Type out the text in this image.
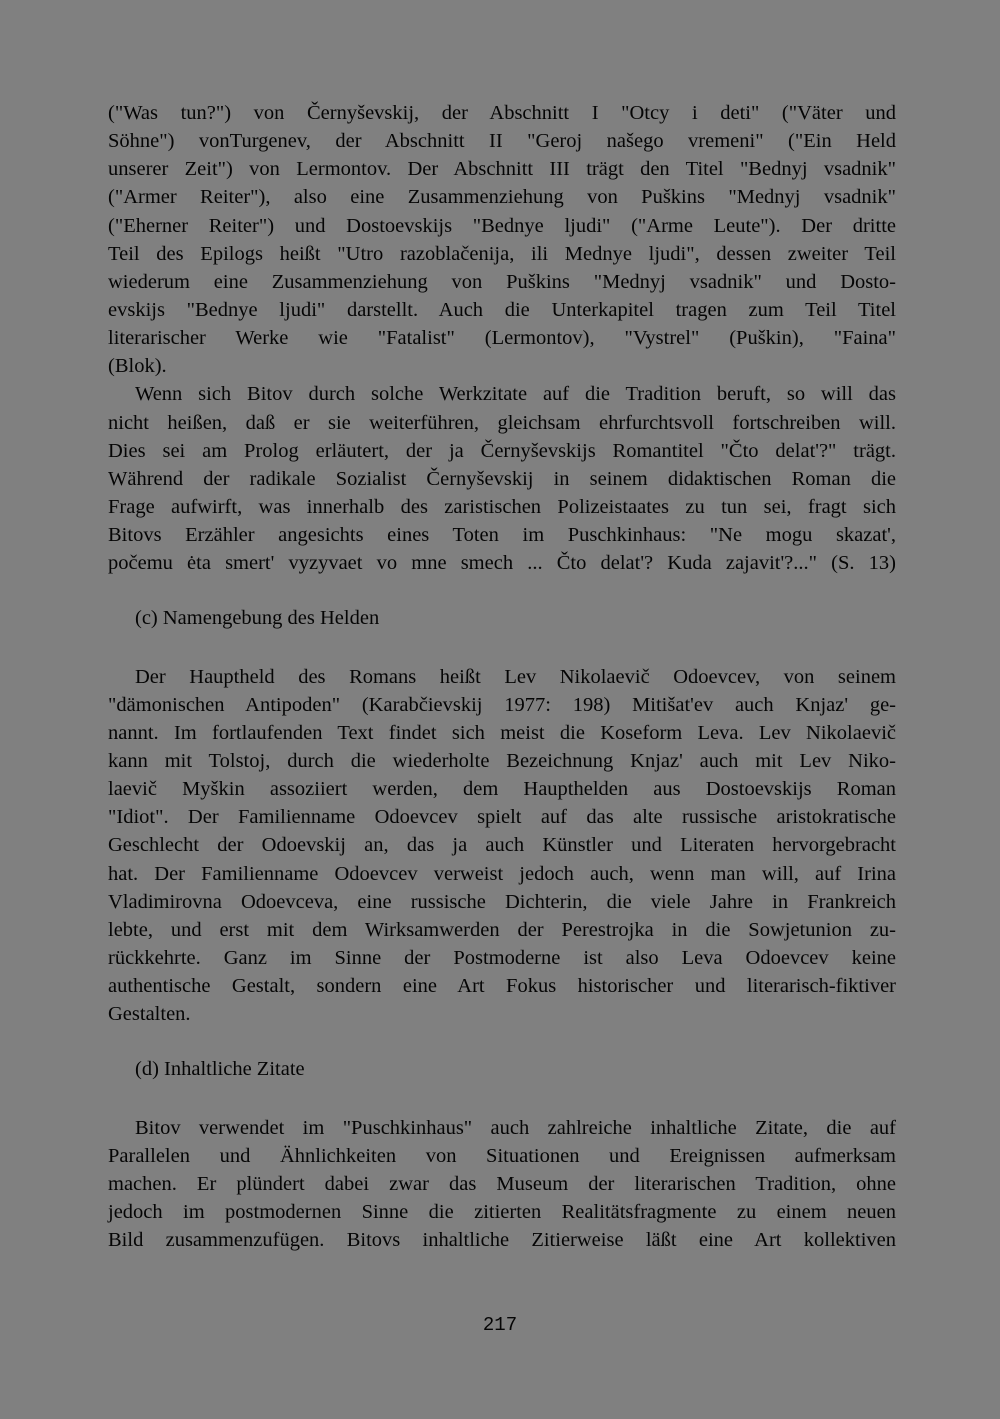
("Was tun?") von Černyševskij, der Abschnitt I "Otcy i deti" ("Väter und
Söhne") vonTurgenev, der Abschnitt II "Geroj našego vremeni" ("Ein Held
unserer Zeit") von Lermontov. Der Abschnitt III trägt den Titel "Bednyj vsadnik"
("Armer Reiter"), also eine Zusammenziehung von Puškins "Mednyj vsadnik"
("Eherner Reiter") und Dostoevskijs "Bednye ljudi" ("Arme Leute"). Der dritte
Teil des Epilogs heißt "Utro razoblačenija, ili Mednye ljudi", dessen zweiter Teil
wiederum eine Zusammenziehung von Puškins "Mednyj vsadnik" und Dosto-
evskijs "Bednye ljudi" darstellt. Auch die Unterkapitel tragen zum Teil Titel
literarischer Werke wie "Fatalist" (Lermontov), "Vystrel" (Puškin), "Faina"
(Blok).
Wenn sich Bitov durch solche Werkzitate auf die Tradition beruft, so will das
nicht heißen, daß er sie weiterführen, gleichsam ehrfurchtsvoll fortschreiben will.
Dies sei am Prolog erläutert, der ja Černyševskijs Romantitel "Čto delat'?" trägt.
Während der radikale Sozialist Černyševskij in seinem didaktischen Roman die
Frage aufwirft, was innerhalb des zaristischen Polizeistaates zu tun sei, fragt sich
Bitovs Erzähler angesichts eines Toten im Puschkinhaus: "Ne mogu skazat',
počemu ėta smert' vyzyvaet vo mne smech ... Čto delat'? Kuda zajavit'?..." (S. 13)
(c) Namengebung des Helden
Der Hauptheld des Romans heißt Lev Nikolaevič Odoevcev, von seinem
"dämonischen Antipoden" (Karabčievskij 1977: 198) Mitišat'ev auch Knjaz' ge-
nannt. Im fortlaufenden Text findet sich meist die Koseform Leva. Lev Nikolaevič
kann mit Tolstoj, durch die wiederholte Bezeichnung Knjaz' auch mit Lev Niko-
laevič Myškin assoziiert werden, dem Haupthelden aus Dostoevskijs Roman
"Idiot". Der Familienname Odoevcev spielt auf das alte russische aristokratische
Geschlecht der Odoevskij an, das ja auch Künstler und Literaten hervorgebracht
hat. Der Familienname Odoevcev verweist jedoch auch, wenn man will, auf Irina
Vladimirovna Odoevceva, eine russische Dichterin, die viele Jahre in Frankreich
lebte, und erst mit dem Wirksamwerden der Perestrojka in die Sowjetunion zu-
rückkehrte. Ganz im Sinne der Postmoderne ist also Leva Odoevcev keine
authentische Gestalt, sondern eine Art Fokus historischer und literarisch-fiktiver
Gestalten.
(d) Inhaltliche Zitate
Bitov verwendet im "Puschkinhaus" auch zahlreiche inhaltliche Zitate, die auf
Parallelen und Ähnlichkeiten von Situationen und Ereignissen aufmerksam
machen. Er plündert dabei zwar das Museum der literarischen Tradition, ohne
jedoch im postmodernen Sinne die zitierten Realitätsfragmente zu einem neuen
Bild zusammenzufügen. Bitovs inhaltliche Zitierweise läßt eine Art kollektiven
217
